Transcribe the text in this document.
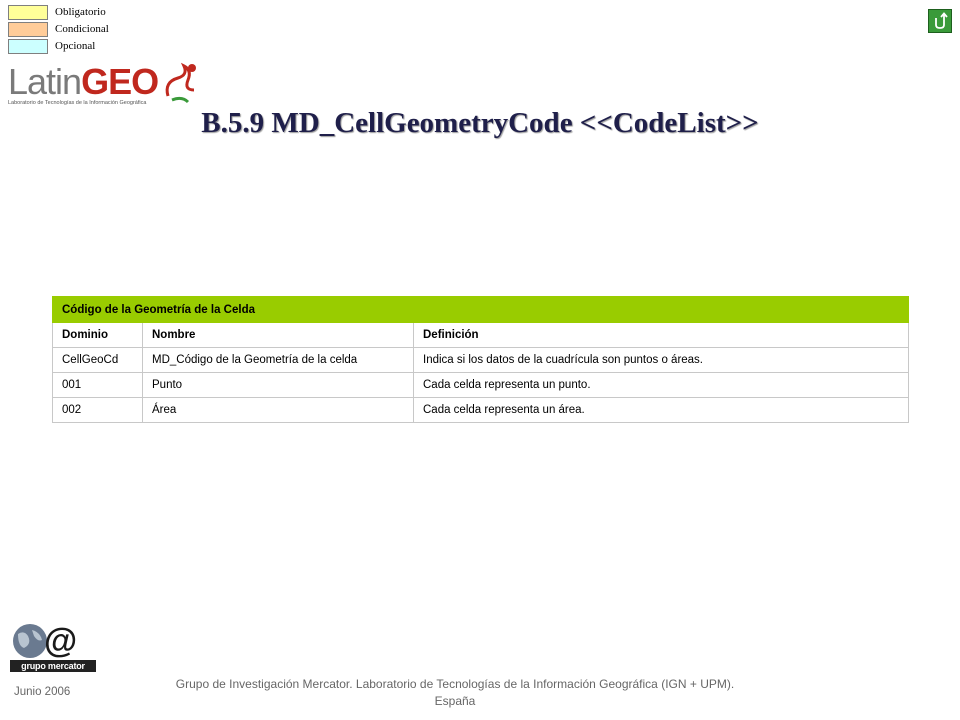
Obligatorio
Condicional
Opcional
LatinGEO
Laboratorio de Tecnologías de la Información Geográfica
B.5.9 MD_CellGeometryCode <<CodeList>>
Código de la Geometría de la Celda		
Dominio	Nombre	Definición
CellGeoCd	MD_Código de la Geometría de la celda	Indica si los datos de la cuadrícula son puntos o áreas.
001	Punto	Cada celda representa un punto.
002	Área	Cada celda representa un área.
@
grupo mercator
Junio 2006
Grupo de Investigación Mercator. Laboratorio de Tecnologías de la Información Geográfica (IGN + UPM).
España
